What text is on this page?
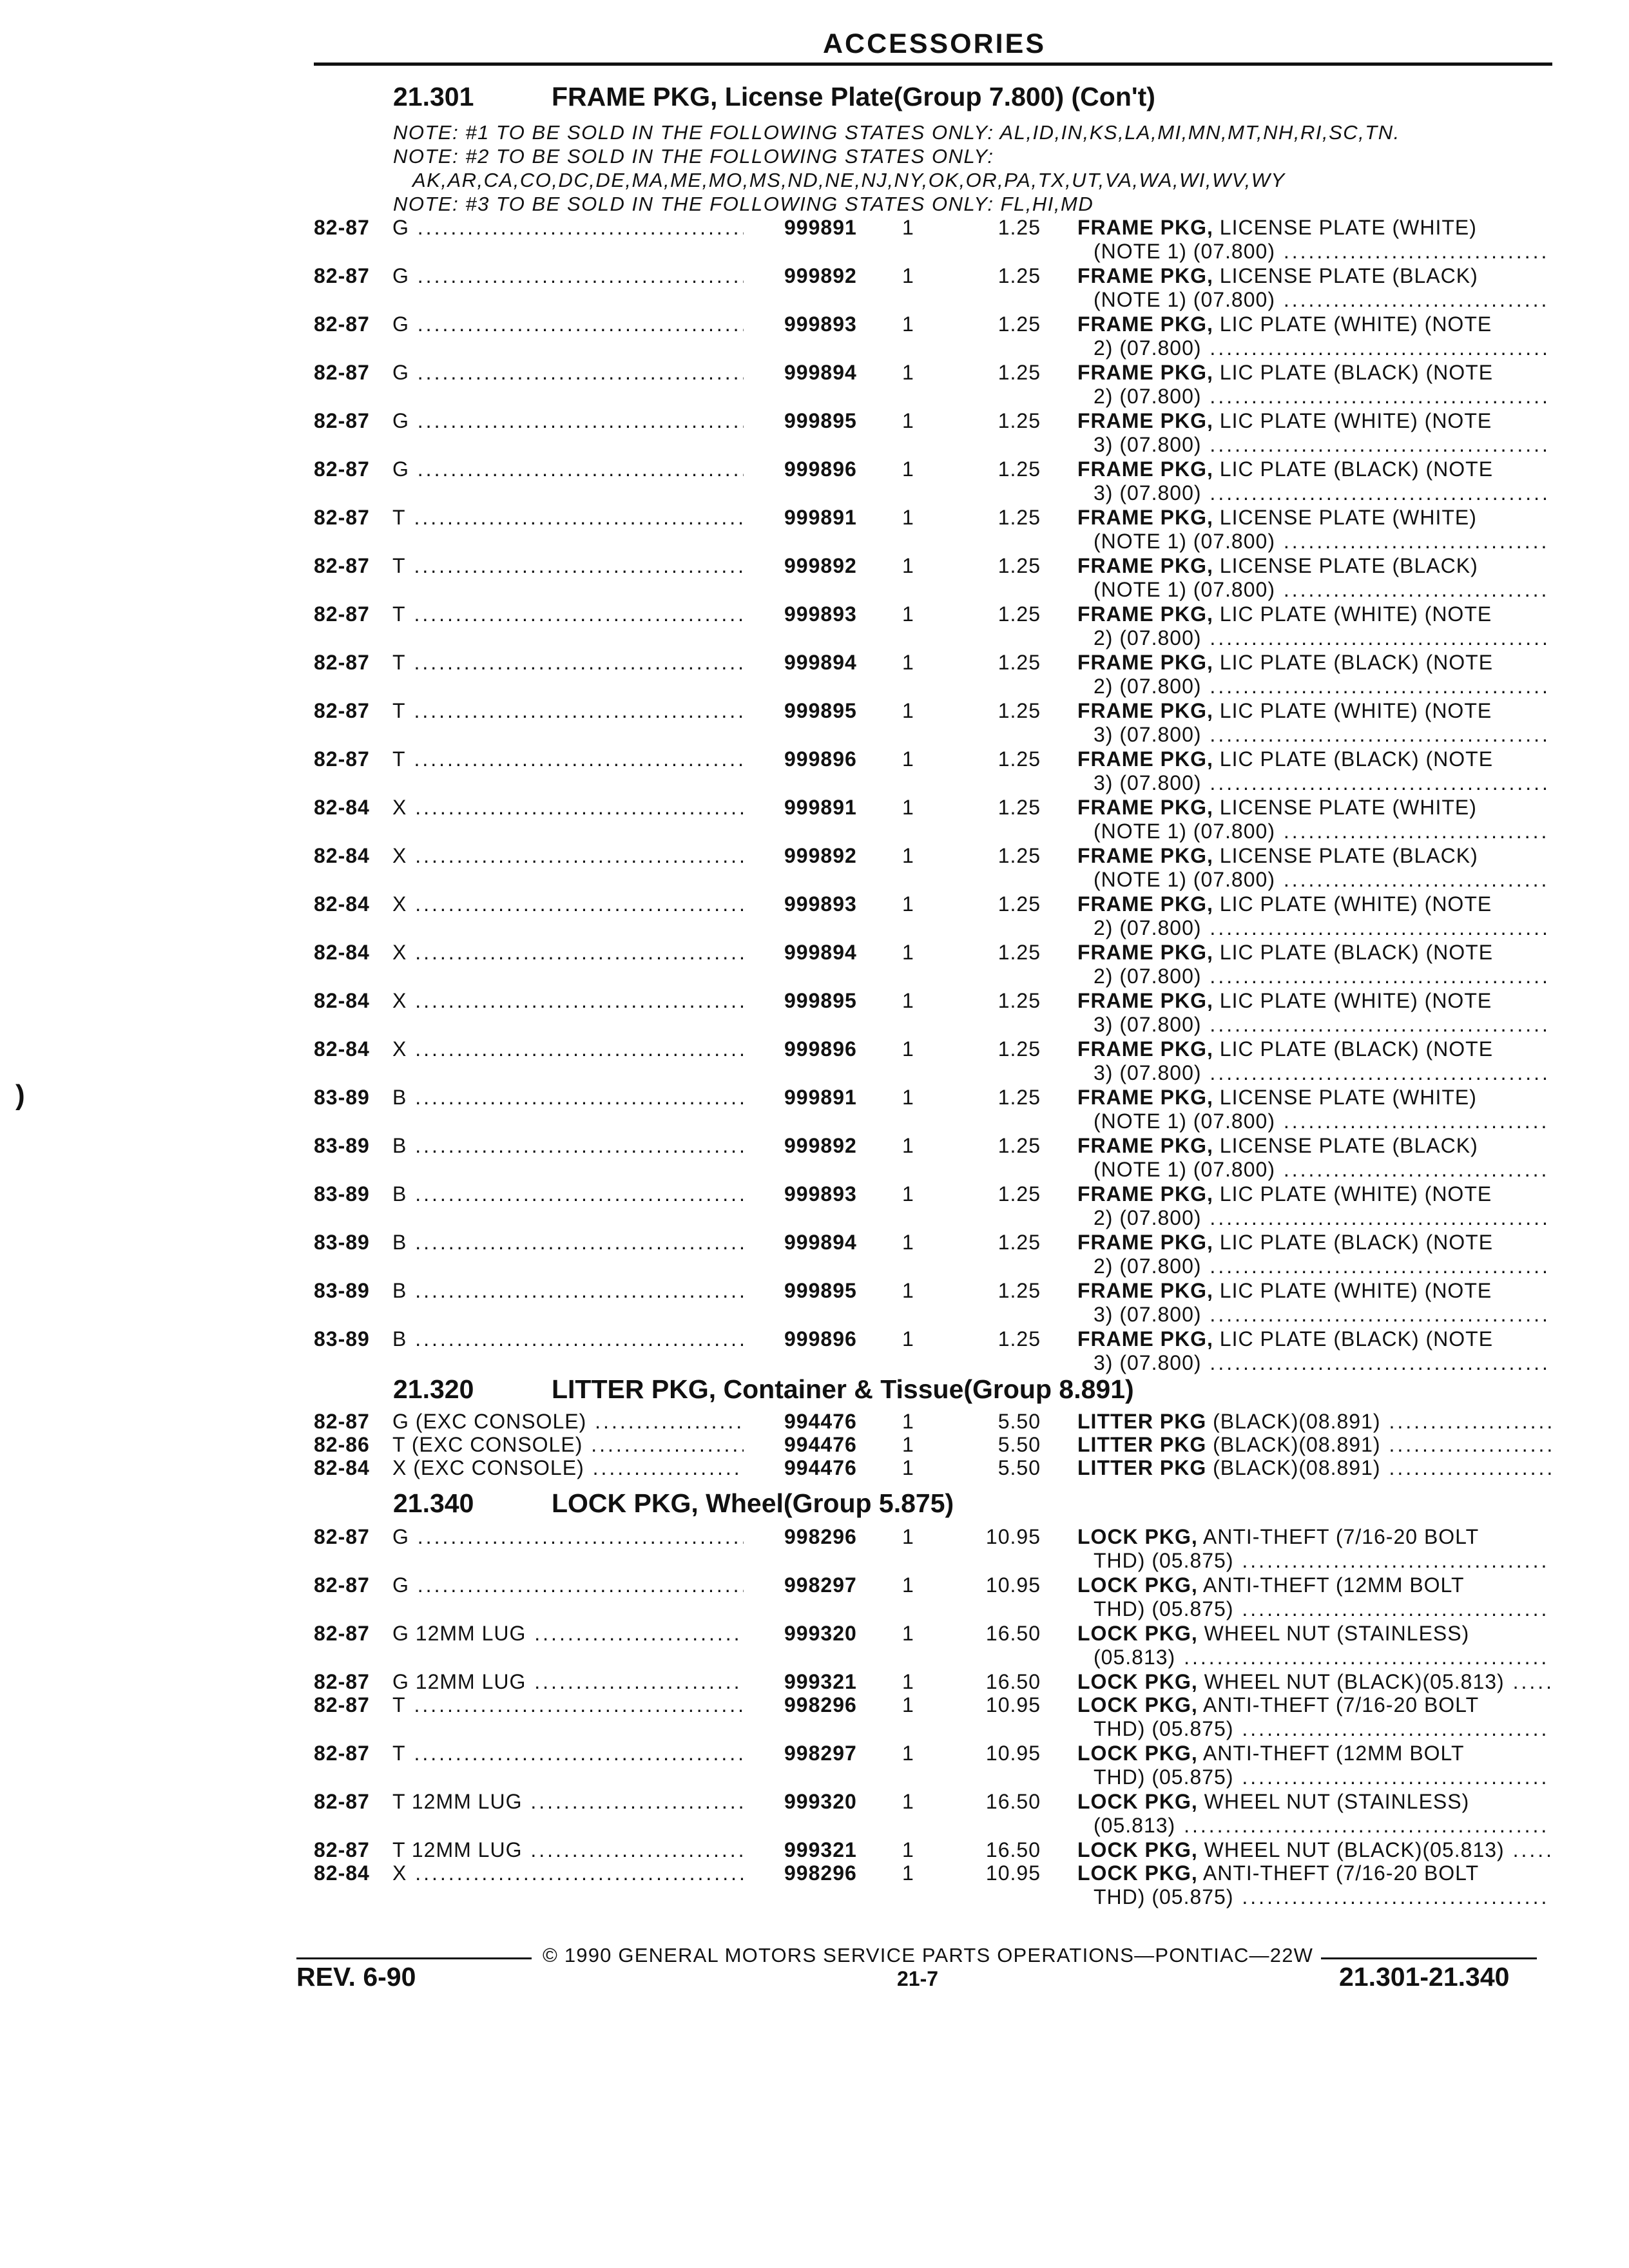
ACCESSORIES
21.301	FRAME PKG, License Plate(Group 7.800) (Con't)
NOTE: #1 TO BE SOLD IN THE FOLLOWING STATES ONLY: AL,ID,IN,KS,LA,MI,MN,MT,NH,RI,SC,TN.
NOTE: #2 TO BE SOLD IN THE FOLLOWING STATES ONLY:
AK,AR,CA,CO,DC,DE,MA,ME,MO,MS,ND,NE,NJ,NY,OK,OR,PA,TX,UT,VA,WA,WI,WV,WY
NOTE: #3 TO BE SOLD IN THE FOLLOWING STATES ONLY: FL,HI,MD
82-87 G .....	999891 1	1.25 FRAME PKG, LICENSE PLATE (WHITE)
(NOTE 1) (07.800) .....
82-87 G .....	999892 1	1.25 FRAME PKG, LICENSE PLATE (BLACK)
(NOTE 1) (07.800) .....
82-87 G .....	999893 1	1.25 FRAME PKG, LIC PLATE (WHITE) (NOTE
2) (07.800) .....
82-87 G .....	999894 1	1.25 FRAME PKG, LIC PLATE (BLACK) (NOTE
2) (07.800) .....
82-87 G .....	999895 1	1.25 FRAME PKG, LIC PLATE (WHITE) (NOTE
3) (07.800) .....
82-87 G .....	999896 1	1.25 FRAME PKG, LIC PLATE (BLACK) (NOTE
3) (07.800) .....
82-87 T .....	999891 1	1.25 FRAME PKG, LICENSE PLATE (WHITE)
(NOTE 1) (07.800) .....
82-87 T .....	999892 1	1.25 FRAME PKG, LICENSE PLATE (BLACK)
(NOTE 1) (07.800) .....
82-87 T .....	999893 1	1.25 FRAME PKG, LIC PLATE (WHITE) (NOTE
2) (07.800) .....
82-87 T .....	999894 1	1.25 FRAME PKG, LIC PLATE (BLACK) (NOTE
2) (07.800) .....
82-87 T .....	999895 1	1.25 FRAME PKG, LIC PLATE (WHITE) (NOTE
3) (07.800) .....
82-87 T .....	999896 1	1.25 FRAME PKG, LIC PLATE (BLACK) (NOTE
3) (07.800) .....
82-84 X .....	999891 1	1.25 FRAME PKG, LICENSE PLATE (WHITE)
(NOTE 1) (07.800) .....
82-84 X .....	999892 1	1.25 FRAME PKG, LICENSE PLATE (BLACK)
(NOTE 1) (07.800) .....
82-84 X .....	999893 1	1.25 FRAME PKG, LIC PLATE (WHITE) (NOTE
2) (07.800) .....
82-84 X .....	999894 1	1.25 FRAME PKG, LIC PLATE (BLACK) (NOTE
2) (07.800) .....
82-84 X .....	999895 1	1.25 FRAME PKG, LIC PLATE (WHITE) (NOTE
3) (07.800) .....
82-84 X .....	999896 1	1.25 FRAME PKG, LIC PLATE (BLACK) (NOTE
3) (07.800) .....
83-89 B .....	999891 1	1.25 FRAME PKG, LICENSE PLATE (WHITE)
(NOTE 1) (07.800) .....
83-89 B .....	999892 1	1.25 FRAME PKG, LICENSE PLATE (BLACK)
(NOTE 1) (07.800) .....
83-89 B .....	999893 1	1.25 FRAME PKG, LIC PLATE (WHITE) (NOTE
2) (07.800) .....
83-89 B .....	999894 1	1.25 FRAME PKG, LIC PLATE (BLACK) (NOTE
2) (07.800) .....
83-89 B .....	999895 1	1.25 FRAME PKG, LIC PLATE (WHITE) (NOTE
3) (07.800) .....
83-89 B .....	999896 1	1.25 FRAME PKG, LIC PLATE (BLACK) (NOTE
3) (07.800) .....
21.320	LITTER PKG, Container & Tissue(Group 8.891)
82-87 G (EXC CONSOLE) .....	994476 1	5.50 LITTER PKG (BLACK)(08.891) .....
82-86 T (EXC CONSOLE) .....	994476 1	5.50 LITTER PKG (BLACK)(08.891) .....
82-84 X (EXC CONSOLE) .....	994476 1	5.50 LITTER PKG (BLACK)(08.891) .....
21.340	LOCK PKG, Wheel(Group 5.875)
82-87 G .....	998296 1	10.95 LOCK PKG, ANTI-THEFT (7/16-20 BOLT
THD) (05.875) .....
82-87 G .....	998297 1	10.95 LOCK PKG, ANTI-THEFT (12MM BOLT
THD) (05.875) .....
82-87 G 12MM LUG .....	999320 1	16.50 LOCK PKG, WHEEL NUT (STAINLESS)
(05.813) .....
82-87 G 12MM LUG .....	999321 1	16.50 LOCK PKG, WHEEL NUT (BLACK)(05.813) .....
82-87 T .....	998296 1	10.95 LOCK PKG, ANTI-THEFT (7/16-20 BOLT
THD) (05.875) .....
82-87 T .....	998297 1	10.95 LOCK PKG, ANTI-THEFT (12MM BOLT
THD) (05.875) .....
82-87 T 12MM LUG .....	999320 1	16.50 LOCK PKG, WHEEL NUT (STAINLESS)
(05.813) .....
82-87 T 12MM LUG .....	999321 1	16.50 LOCK PKG, WHEEL NUT (BLACK)(05.813) .....
82-84 X .....	998296 1	10.95 LOCK PKG, ANTI-THEFT (7/16-20 BOLT
THD) (05.875) .....
)
© 1990 GENERAL MOTORS SERVICE PARTS OPERATIONS—PONTIAC—22W
REV. 6-90	21-7	21.301-21.340
